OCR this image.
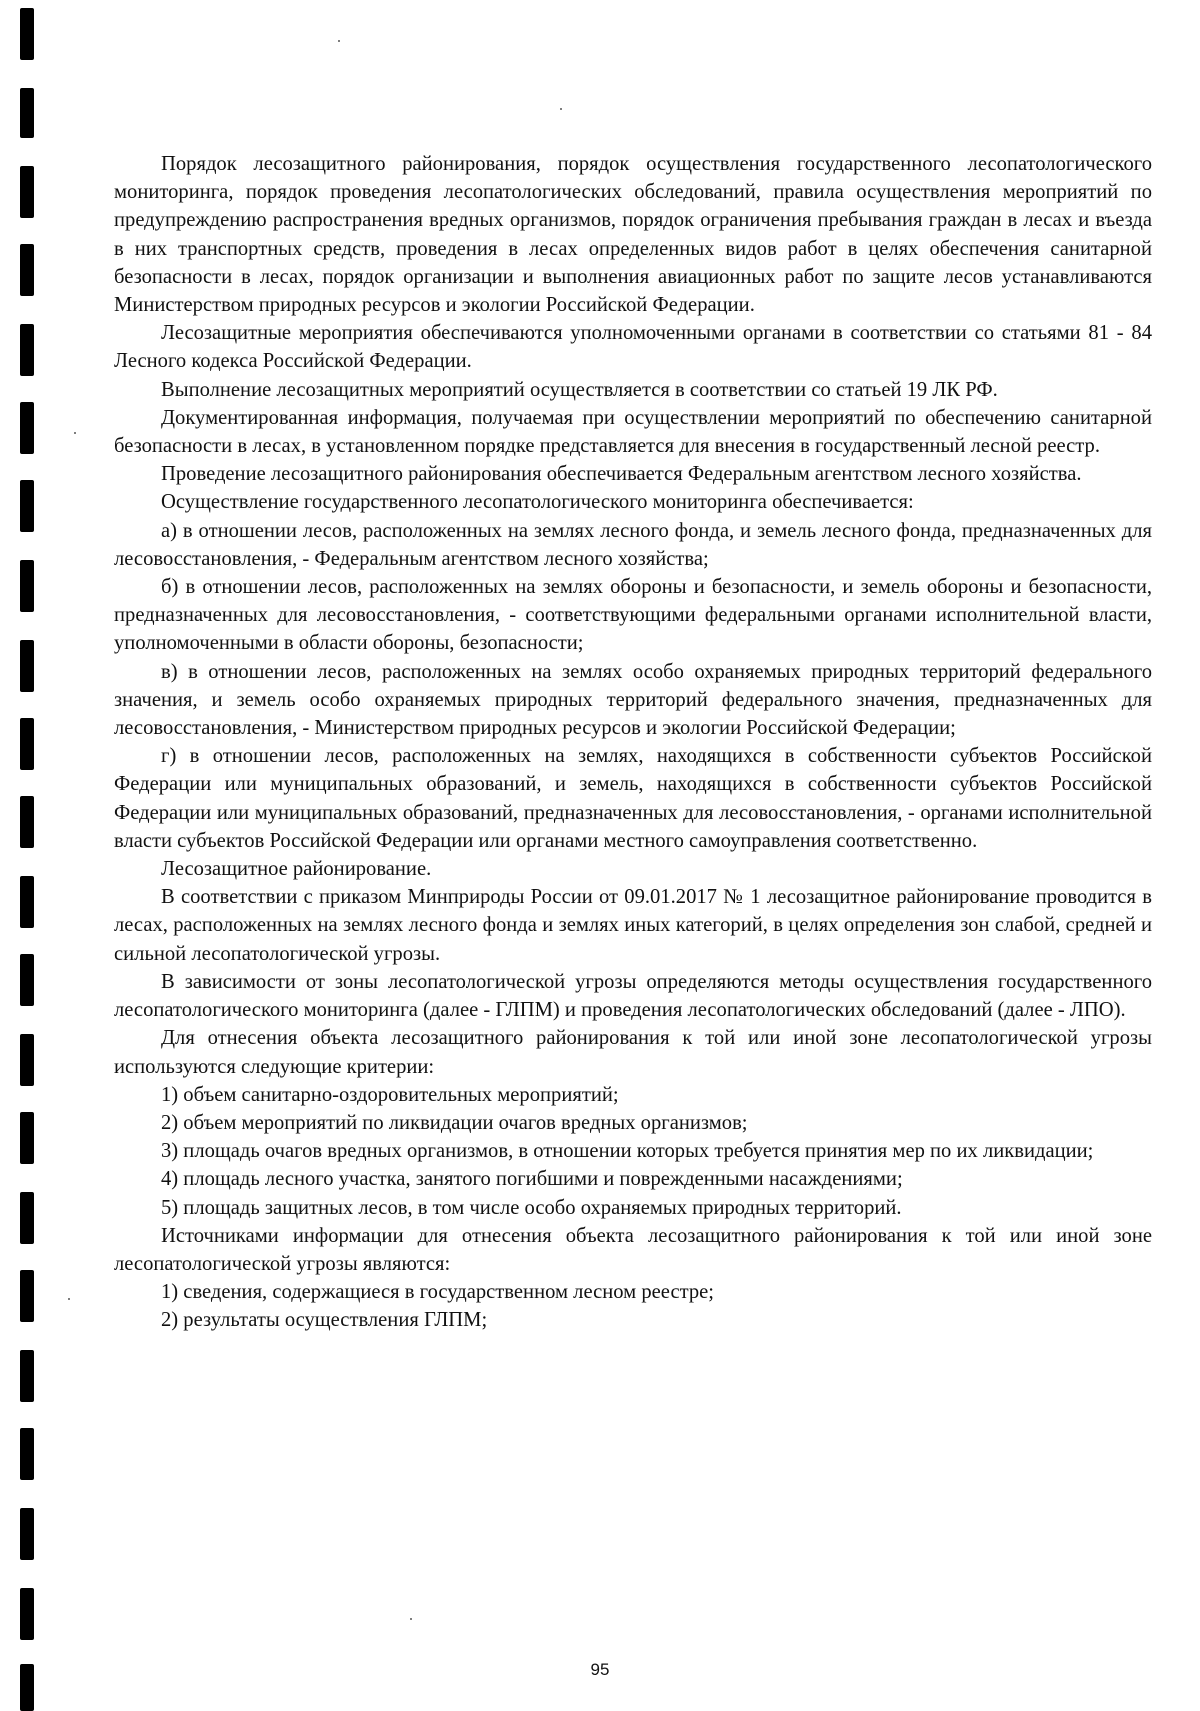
Порядок лесозащитного районирования, порядок осуществления государственного лесопатологического мониторинга, порядок проведения лесопатологических обследований, правила осуществления мероприятий по предупреждению распространения вредных организмов, порядок ограничения пребывания граждан в лесах и въезда в них транспортных средств, проведения в лесах определенных видов работ в целях обеспечения санитарной безопасности в лесах, порядок организации и выполнения авиационных работ по защите лесов устанавливаются Министерством природных ресурсов и экологии Российской Федерации.

Лесозащитные мероприятия обеспечиваются уполномоченными органами в соответствии со статьями 81 - 84 Лесного кодекса Российской Федерации.

Выполнение лесозащитных мероприятий осуществляется в соответствии со статьей 19 ЛК РФ.

Документированная информация, получаемая при осуществлении мероприятий по обеспечению санитарной безопасности в лесах, в установленном порядке представляется для внесения в государственный лесной реестр.

Проведение лесозащитного районирования обеспечивается Федеральным агентством лесного хозяйства.

Осуществление государственного лесопатологического мониторинга обеспечивается:

а) в отношении лесов, расположенных на землях лесного фонда, и земель лесного фонда, предназначенных для лесовосстановления, - Федеральным агентством лесного хозяйства;

б) в отношении лесов, расположенных на землях обороны и безопасности, и земель обороны и безопасности, предназначенных для лесовосстановления, - соответствующими федеральными органами исполнительной власти, уполномоченными в области обороны, безопасности;

в) в отношении лесов, расположенных на землях особо охраняемых природных территорий федерального значения, и земель особо охраняемых природных территорий федерального значения, предназначенных для лесовосстановления, - Министерством природных ресурсов и экологии Российской Федерации;

г) в отношении лесов, расположенных на землях, находящихся в собственности субъектов Российской Федерации или муниципальных образований, и земель, находящихся в собственности субъектов Российской Федерации или муниципальных образований, предназначенных для лесовосстановления, - органами исполнительной власти субъектов Российской Федерации или органами местного самоуправления соответственно.

Лесозащитное районирование.

В соответствии с приказом Минприроды России от 09.01.2017 № 1 лесозащитное районирование проводится в лесах, расположенных на землях лесного фонда и землях иных категорий, в целях определения зон слабой, средней и сильной лесопатологической угрозы.

В зависимости от зоны лесопатологической угрозы определяются методы осуществления государственного лесопатологического мониторинга (далее - ГЛПМ) и проведения лесопатологических обследований (далее - ЛПО).

Для отнесения объекта лесозащитного районирования к той или иной зоне лесопатологической угрозы используются следующие критерии:

1) объем санитарно-оздоровительных мероприятий;

2) объем мероприятий по ликвидации очагов вредных организмов;

3) площадь очагов вредных организмов, в отношении которых требуется принятия мер по их ликвидации;

4) площадь лесного участка, занятого погибшими и поврежденными насаждениями;

5) площадь защитных лесов, в том числе особо охраняемых природных территорий.

Источниками информации для отнесения объекта лесозащитного районирования к той или иной зоне лесопатологической угрозы являются:

1) сведения, содержащиеся в государственном лесном реестре;

2) результаты осуществления ГЛПМ;

95
